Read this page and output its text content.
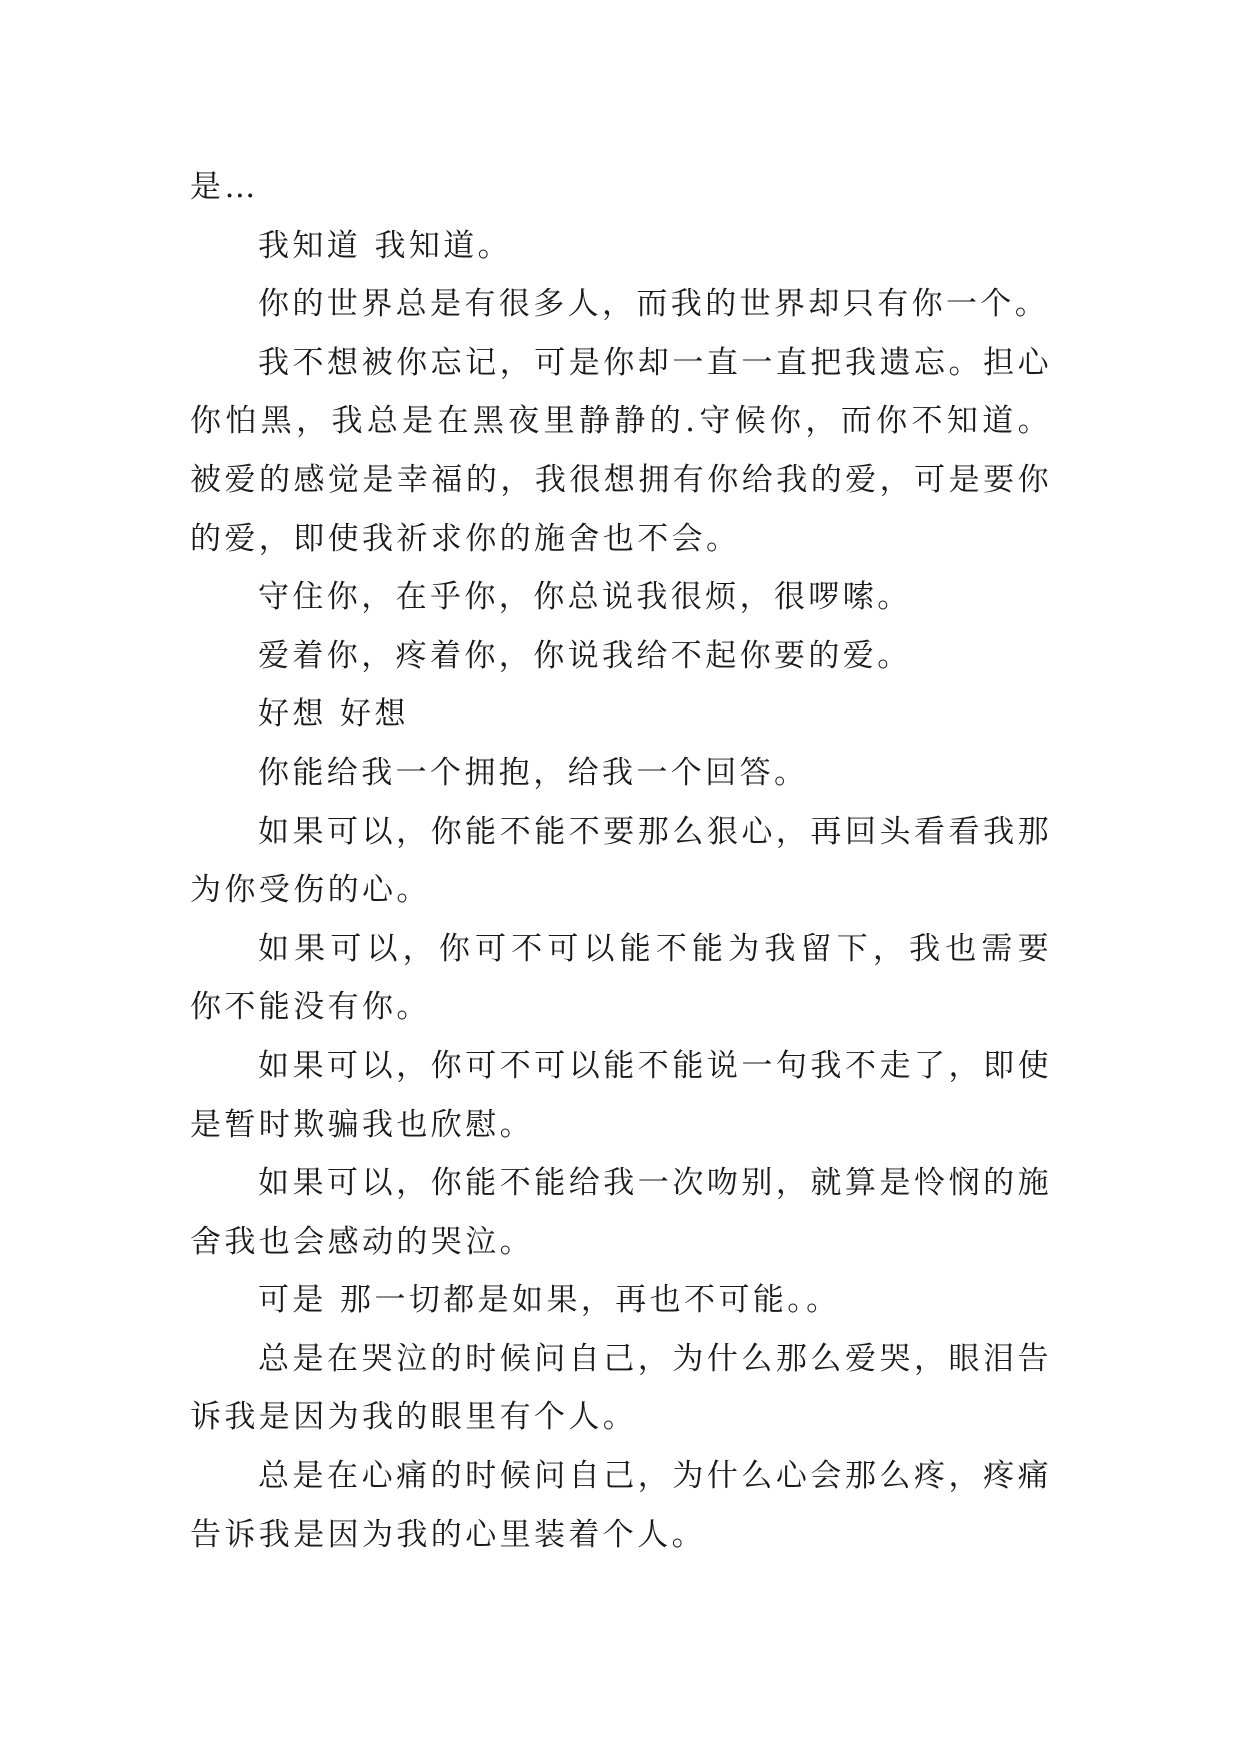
是…

我知道 我知道。

你的世界总是有很多人，而我的世界却只有你一个。

我不想被你忘记，可是你却一直一直把我遗忘。担心你怕黑，我总是在黑夜里静静的.守候你，而你不知道。被爱的感觉是幸福的，我很想拥有你给我的爱，可是要你的爱，即使我祈求你的施舍也不会。

守住你，在乎你，你总说我很烦，很啰嗦。

爱着你，疼着你，你说我给不起你要的爱。

好想 好想

你能给我一个拥抱，给我一个回答。

如果可以，你能不能不要那么狠心，再回头看看我那为你受伤的心。

如果可以，你可不可以能不能为我留下，我也需要 你不能没有你。

如果可以，你可不可以能不能说一句我不走了，即使是暂时欺骗我也欣慰。

如果可以，你能不能给我一次吻别，就算是怜悯的施舍我也会感动的哭泣。

可是 那一切都是如果，再也不可能。。

总是在哭泣的时候问自己，为什么那么爱哭，眼泪告诉我是因为我的眼里有个人。

总是在心痛的时候问自己，为什么心会那么疼，疼痛告诉我是因为我的心里装着个人。
